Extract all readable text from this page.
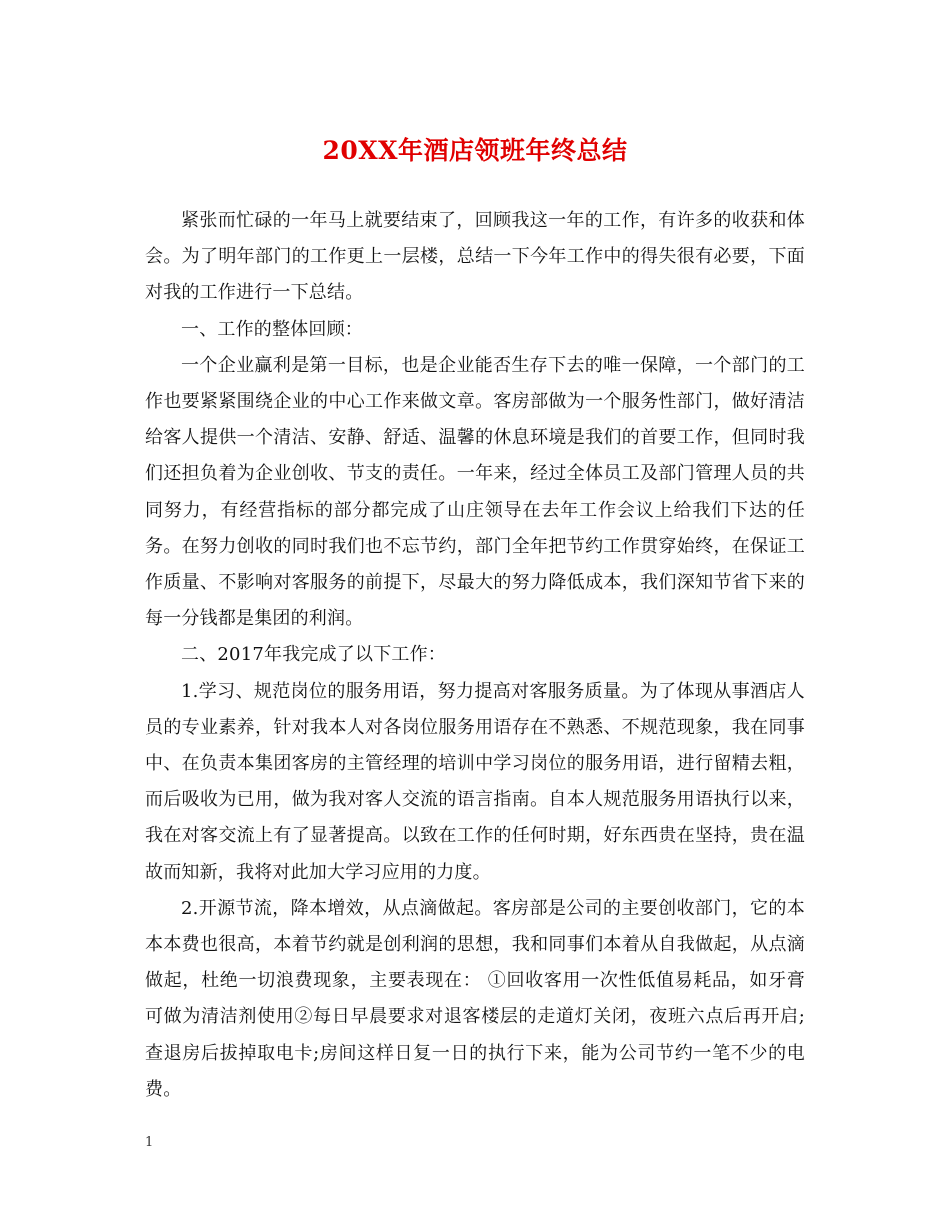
20XX年酒店领班年终总结

紧张而忙碌的一年马上就要结束了，回顾我这一年的工作，有许多的收获和体会。为了明年部门的工作更上一层楼，总结一下今年工作中的得失很有必要，下面对我的工作进行一下总结。

一、工作的整体回顾：

一个企业赢利是第一目标，也是企业能否生存下去的唯一保障，一个部门的工作也要紧紧围绕企业的中心工作来做文章。客房部做为一个服务性部门，做好清洁给客人提供一个清洁、安静、舒适、温馨的休息环境是我们的首要工作，但同时我们还担负着为企业创收、节支的责任。一年来，经过全体员工及部门管理人员的共同努力，有经营指标的部分都完成了山庄领导在去年工作会议上给我们下达的任务。在努力创收的同时我们也不忘节约，部门全年把节约工作贯穿始终，在保证工作质量、不影响对客服务的前提下，尽最大的努力降低成本，我们深知节省下来的每一分钱都是集团的利润。

二、2017年我完成了以下工作：

1.学习、规范岗位的服务用语，努力提高对客服务质量。为了体现从事酒店人员的专业素养，针对我本人对各岗位服务用语存在不熟悉、不规范现象，我在同事中、在负责本集团客房的主管经理的培训中学习岗位的服务用语，进行留精去粗，而后吸收为已用，做为我对客人交流的语言指南。自本人规范服务用语执行以来，我在对客交流上有了显著提高。以致在工作的任何时期，好东西贵在坚持，贵在温故而知新，我将对此加大学习应用的力度。

2.开源节流，降本增效，从点滴做起。客房部是公司的主要创收部门，它的本本本费也很高，本着节约就是创利润的思想，我和同事们本着从自我做起，从点滴做起，杜绝一切浪费现象，主要表现在： ①回收客用一次性低值易耗品，如牙膏可做为清洁剂使用②每日早晨要求对退客楼层的走道灯关闭，夜班六点后再开启;查退房后拔掉取电卡;房间这样日复一日的执行下来，能为公司节约一笔不少的电费。

1
